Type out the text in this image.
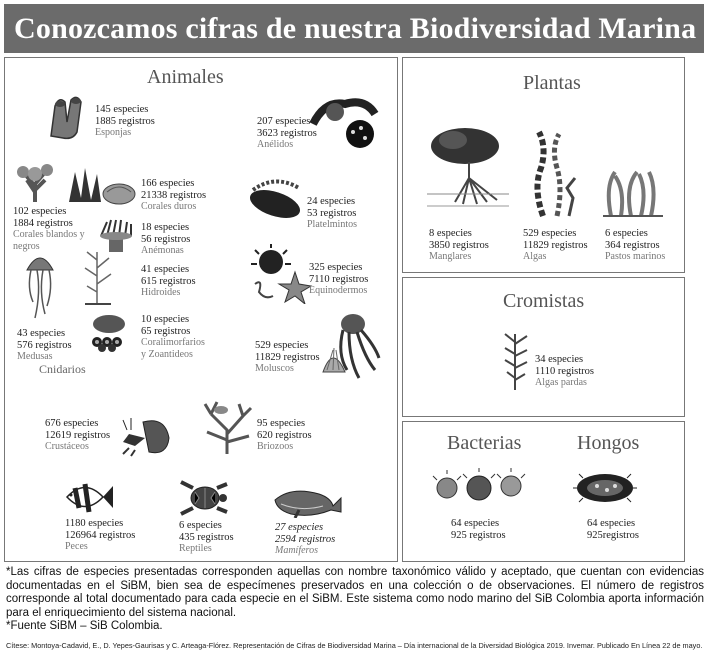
Conozcamos cifras de nuestra Biodiversidad Marina
Animales
145 especies
1885 registros
Esponjas
207 especies
3623 registros
Anélidos
166 especies
21338 registros
Corales duros
102 especies
1884 registros
Corales blandos y negros
24 especies
53 registros
Platelmintos
18 especies
56 registros
Anémonas
41 especies
615 registros
Hidroides
325 especies
7110 registros
Equinodermos
43 especies
576 registros
Medusas
10 especies
65 registros
Coralimorfarios y Zoantideos
Cnidarios
529 especies
11829 registros
Moluscos
676 especies
12619 registros
Crustáceos
95 especies
620 registros
Briozoos
1180 especies
126964 registros
Peces
6 especies
435 registros
Reptiles
27 especies
2594 registros
Mamíferos
Plantas
8 especies
3850 registros
Manglares
529 especies
11829 registros
Algas
6 especies
364 registros
Pastos marinos
Cromistas
34 especies
1110 registros
Algas pardas
Bacterias	Hongos
64 especies
925 registros
64 especies
925registros
*Las cifras de especies presentadas corresponden aquellas con nombre taxonómico válido y aceptado, que cuentan con evidencias documentadas en el SiBM, bien sea de especímenes preservados en una colección o de observaciones. El número de registros corresponde al total documentado para cada especie en el SiBM. Este sistema como nodo marino del SiB Colombia aporta información para el enriquecimiento del sistema nacional.
*Fuente SiBM – SiB Colombia.
Cítese: Montoya-Cadavid, E., D. Yepes-Gaurisas y C. Arteaga-Flórez. Representación de Cifras de Biodiversidad Marina – Día internacional de la Diversidad Biológica 2019. Invemar. Publicado En Línea 22 de mayo.
